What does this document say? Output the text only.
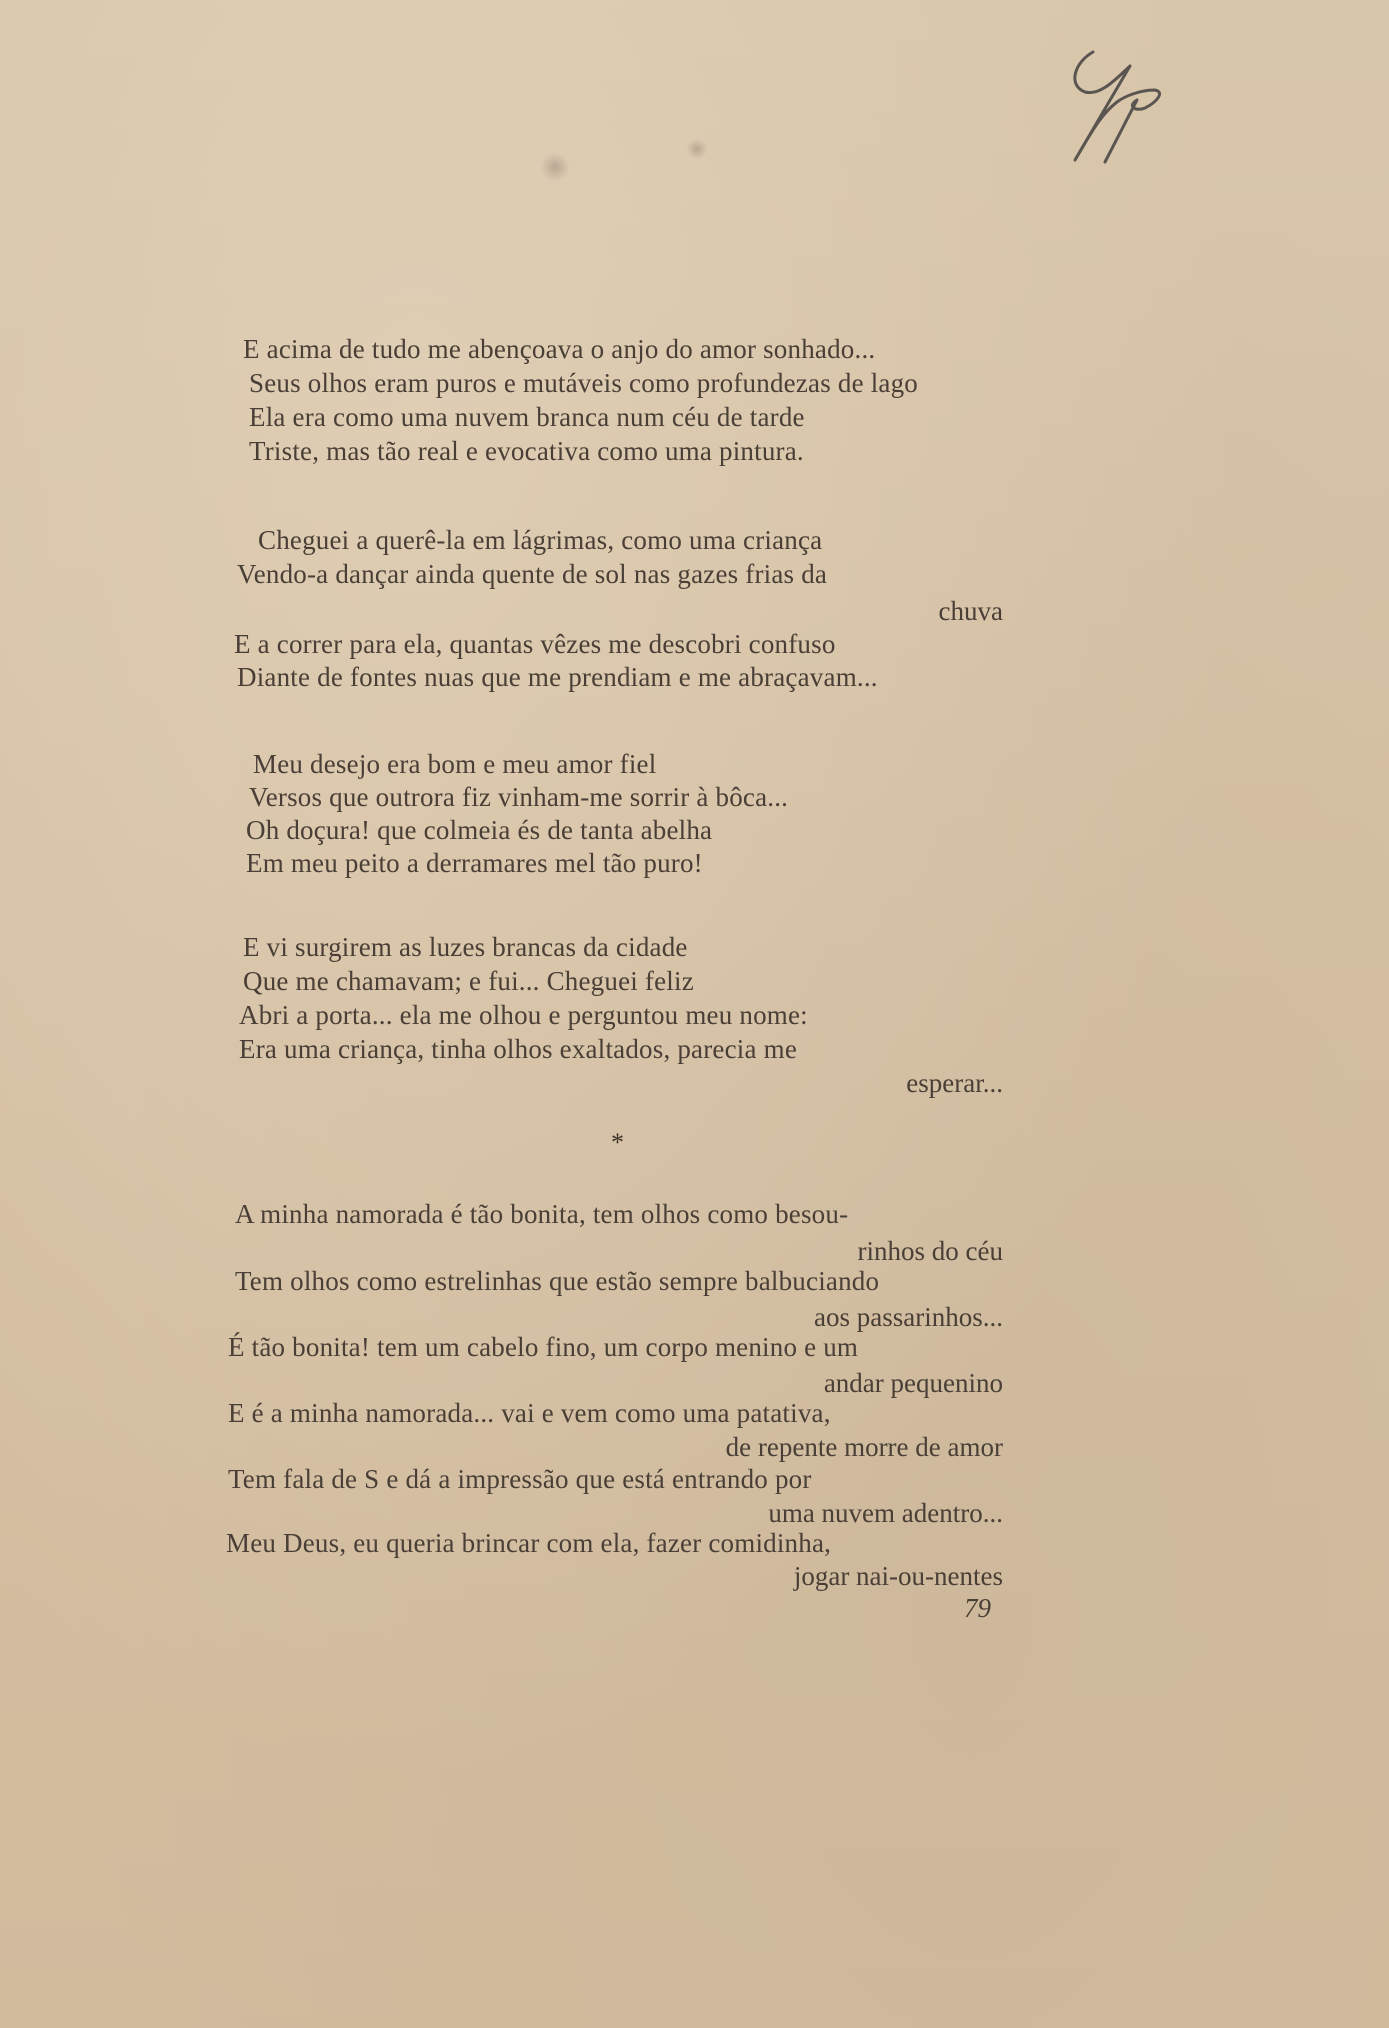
E acima de tudo me abençoava o anjo do amor sonhado...
Seus olhos eram puros e mutáveis como profundezas de lago
Ela era como uma nuvem branca num céu de tarde
Triste, mas tão real e evocativa como uma pintura.
Cheguei a querê-la em lágrimas, como uma criança
Vendo-a dançar ainda quente de sol nas gazes frias da
chuva
E a correr para ela, quantas vêzes me descobri confuso
Diante de fontes nuas que me prendiam e me abraçavam...
Meu desejo era bom e meu amor fiel
Versos que outrora fiz vinham-me sorrir à bôca...
Oh doçura! que colmeia és de tanta abelha
Em meu peito a derramares mel tão puro!
E vi surgirem as luzes brancas da cidade
Que me chamavam; e fui... Cheguei feliz
Abri a porta... ela me olhou e perguntou meu nome:
Era uma criança, tinha olhos exaltados, parecia me
esperar...
*
A minha namorada é tão bonita, tem olhos como besou-
rinhos do céu
Tem olhos como estrelinhas que estão sempre balbuciando
aos passarinhos...
É tão bonita! tem um cabelo fino, um corpo menino e um
andar pequenino
E é a minha namorada... vai e vem como uma patativa,
de repente morre de amor
Tem fala de S e dá a impressão que está entrando por
uma nuvem adentro...
Meu Deus, eu queria brincar com ela, fazer comidinha,
jogar nai-ou-nentes
79
